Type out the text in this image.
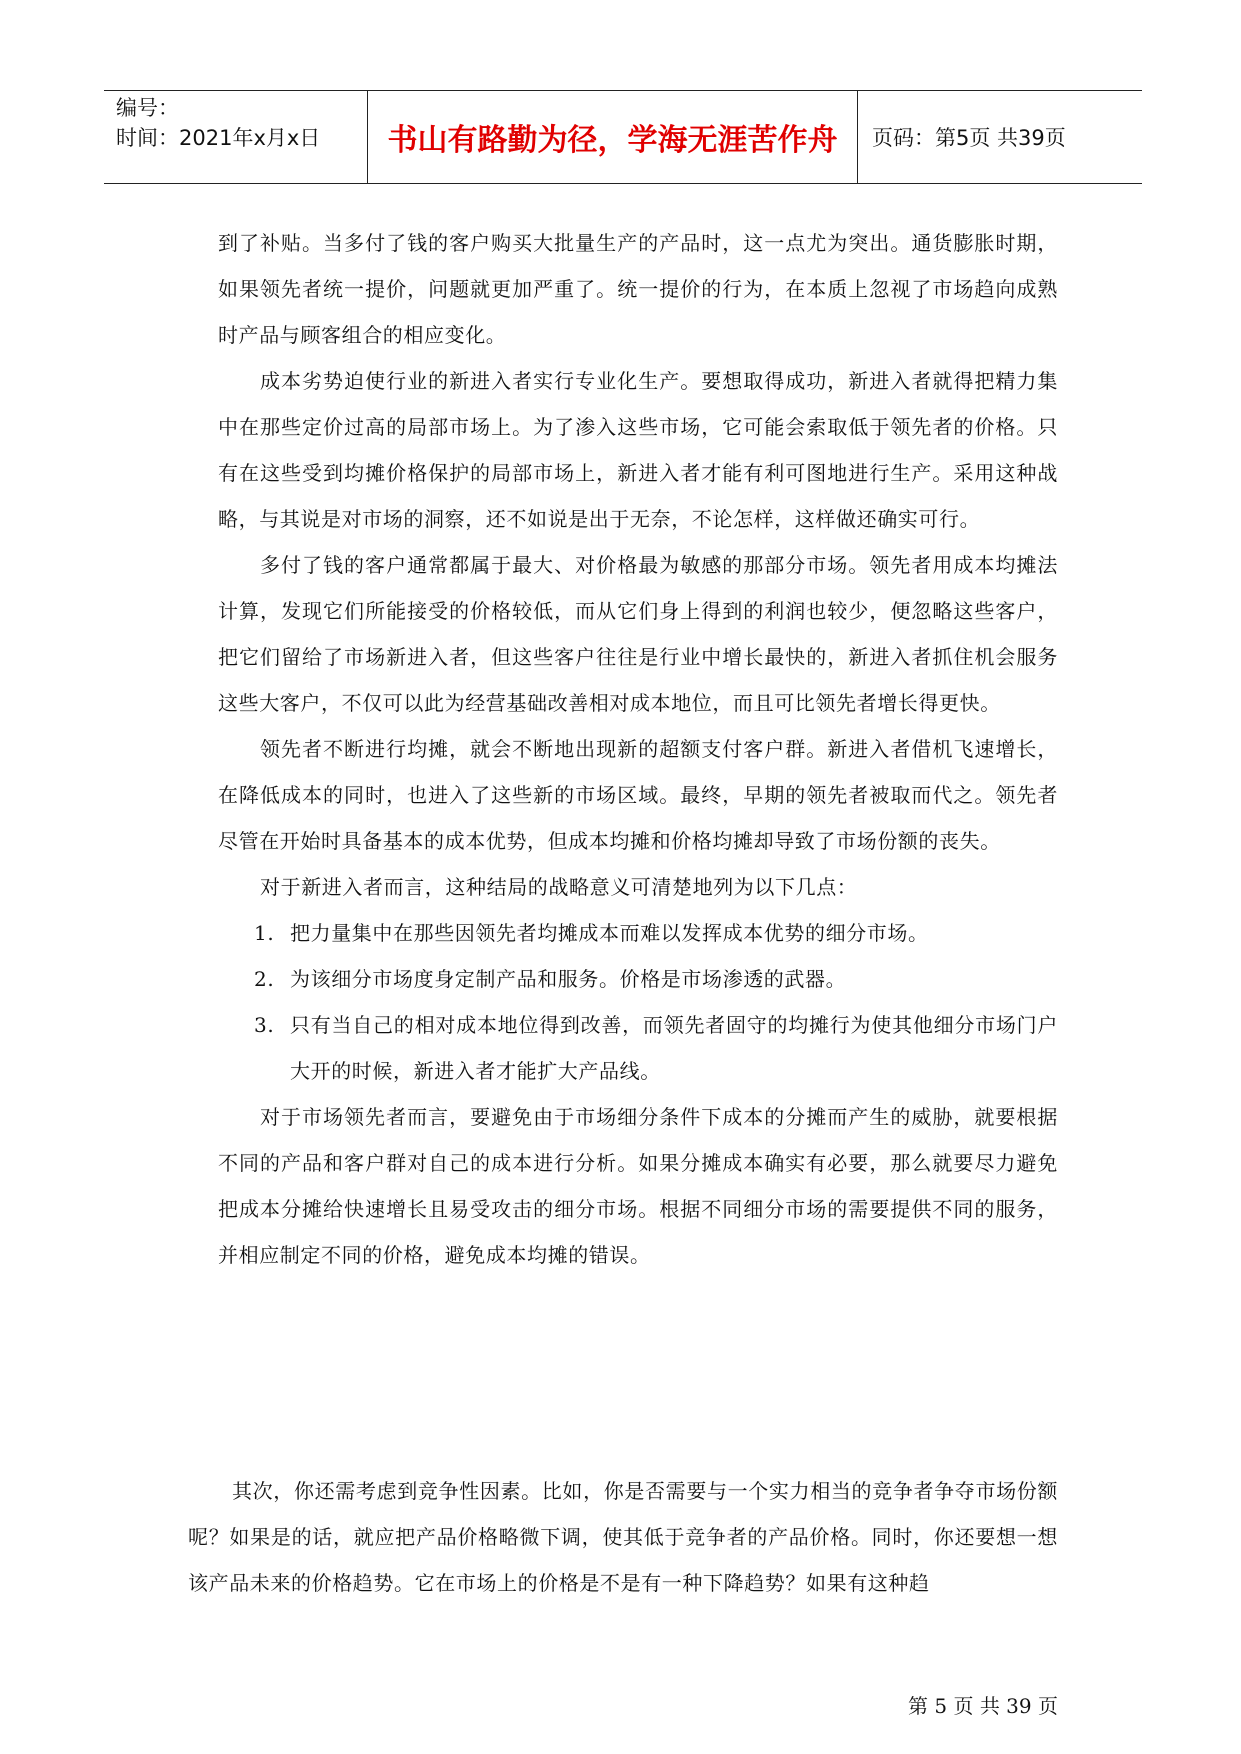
编号：
时间：2021年x月x日	书山有路勤为径，学海无涯苦作舟	页码：第5页 共39页

到了补贴。当多付了钱的客户购买大批量生产的产品时，这一点尤为突出。通货膨胀时期，如果领先者统一提价，问题就更加严重了。统一提价的行为，在本质上忽视了市场趋向成熟时产品与顾客组合的相应变化。

成本劣势迫使行业的新进入者实行专业化生产。要想取得成功，新进入者就得把精力集中在那些定价过高的局部市场上。为了渗入这些市场，它可能会索取低于领先者的价格。只有在这些受到均摊价格保护的局部市场上，新进入者才能有利可图地进行生产。采用这种战略，与其说是对市场的洞察，还不如说是出于无奈，不论怎样，这样做还确实可行。

多付了钱的客户通常都属于最大、对价格最为敏感的那部分市场。领先者用成本均摊法计算，发现它们所能接受的价格较低，而从它们身上得到的利润也较少，便忽略这些客户，把它们留给了市场新进入者，但这些客户往往是行业中增长最快的，新进入者抓住机会服务这些大客户，不仅可以此为经营基础改善相对成本地位，而且可比领先者增长得更快。

领先者不断进行均摊，就会不断地出现新的超额支付客户群。新进入者借机飞速增长，在降低成本的同时，也进入了这些新的市场区域。最终，早期的领先者被取而代之。领先者尽管在开始时具备基本的成本优势，但成本均摊和价格均摊却导致了市场份额的丧失。

对于新进入者而言，这种结局的战略意义可清楚地列为以下几点：

1. 把力量集中在那些因领先者均摊成本而难以发挥成本优势的细分市场。
2. 为该细分市场度身定制产品和服务。价格是市场渗透的武器。
3. 只有当自己的相对成本地位得到改善，而领先者固守的均摊行为使其他细分市场门户大开的时候，新进入者才能扩大产品线。

对于市场领先者而言，要避免由于市场细分条件下成本的分摊而产生的威胁，就要根据不同的产品和客户群对自己的成本进行分析。如果分摊成本确实有必要，那么就要尽力避免把成本分摊给快速增长且易受攻击的细分市场。根据不同细分市场的需要提供不同的服务，并相应制定不同的价格，避免成本均摊的错误。

其次，你还需考虑到竞争性因素。比如，你是否需要与一个实力相当的竞争者争夺市场份额呢？如果是的话，就应把产品价格略微下调，使其低于竞争者的产品价格。同时，你还要想一想该产品未来的价格趋势。它在市场上的价格是不是有一种下降趋势？如果有这种趋

第 5 页 共 39 页
